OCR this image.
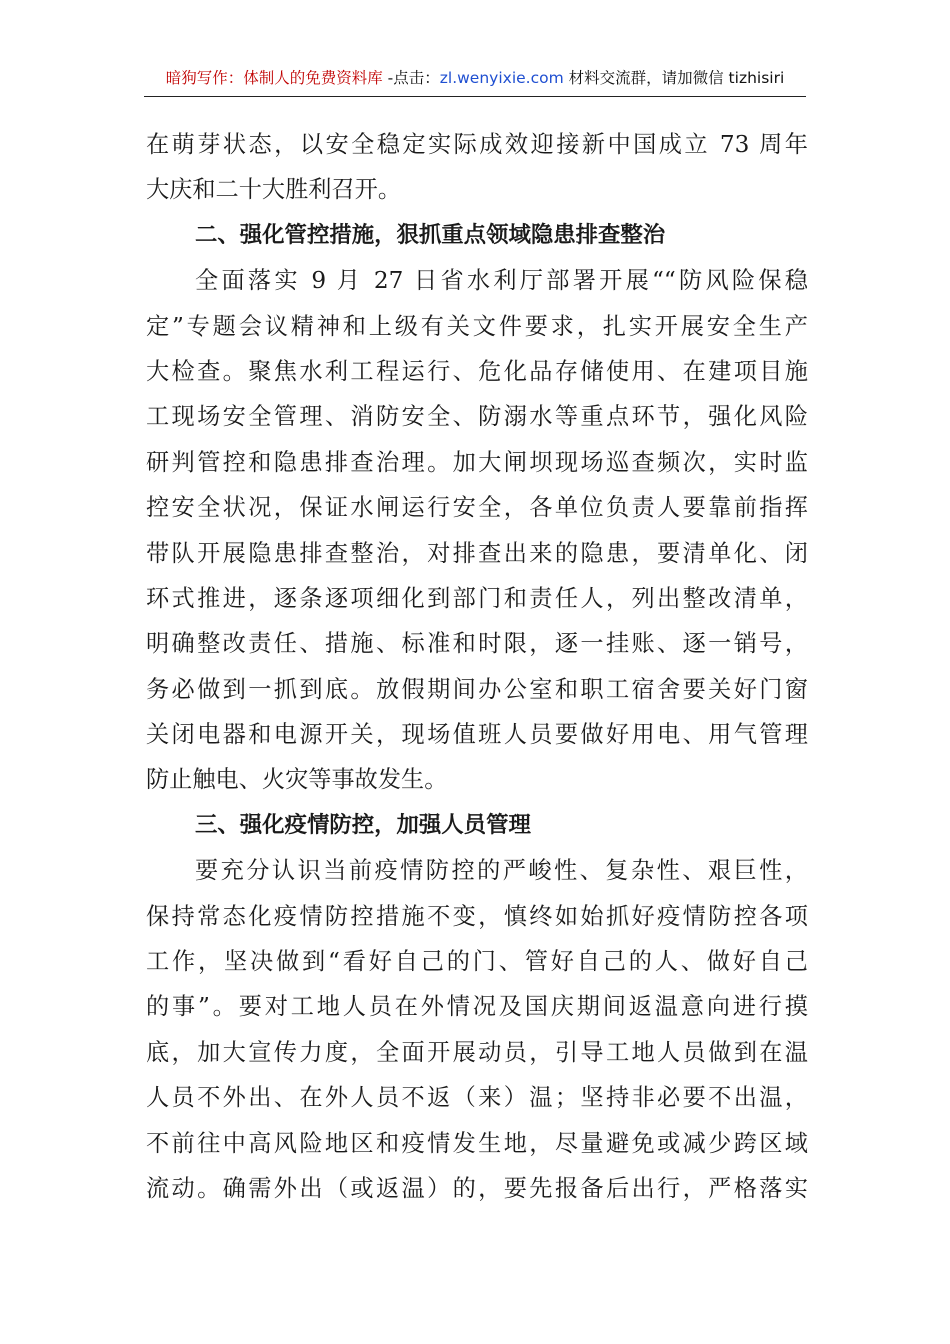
暗狗写作：体制人的免费资料库 -点击：zl.wenyixie.com 材料交流群，请加微信 tizhisiri
在萌芽状态，以安全稳定实际成效迎接新中国成立 73 周年
大庆和二十大胜利召开。
二、强化管控措施，狠抓重点领域隐患排查整治
全面落实 9 月 27 日省水利厅部署开展““防风险保稳
定”专题会议精神和上级有关文件要求，扎实开展安全生产
大检查。聚焦水利工程运行、危化品存储使用、在建项目施
工现场安全管理、消防安全、防溺水等重点环节，强化风险
研判管控和隐患排查治理。加大闸坝现场巡查频次，实时监
控安全状况，保证水闸运行安全，各单位负责人要靠前指挥
带队开展隐患排查整治，对排查出来的隐患，要清单化、闭
环式推进，逐条逐项细化到部门和责任人，列出整改清单，
明确整改责任、措施、标准和时限，逐一挂账、逐一销号，
务必做到一抓到底。放假期间办公室和职工宿舍要关好门窗
关闭电器和电源开关，现场值班人员要做好用电、用气管理
防止触电、火灾等事故发生。
三、强化疫情防控，加强人员管理
要充分认识当前疫情防控的严峻性、复杂性、艰巨性，
保持常态化疫情防控措施不变，慎终如始抓好疫情防控各项
工作，坚决做到“看好自己的门、管好自己的人、做好自己
的事”。要对工地人员在外情况及国庆期间返温意向进行摸
底，加大宣传力度，全面开展动员，引导工地人员做到在温
人员不外出、在外人员不返（来）温；坚持非必要不出温，
不前往中高风险地区和疫情发生地，尽量避免或减少跨区域
流动。确需外出（或返温）的，要先报备后出行，严格落实
